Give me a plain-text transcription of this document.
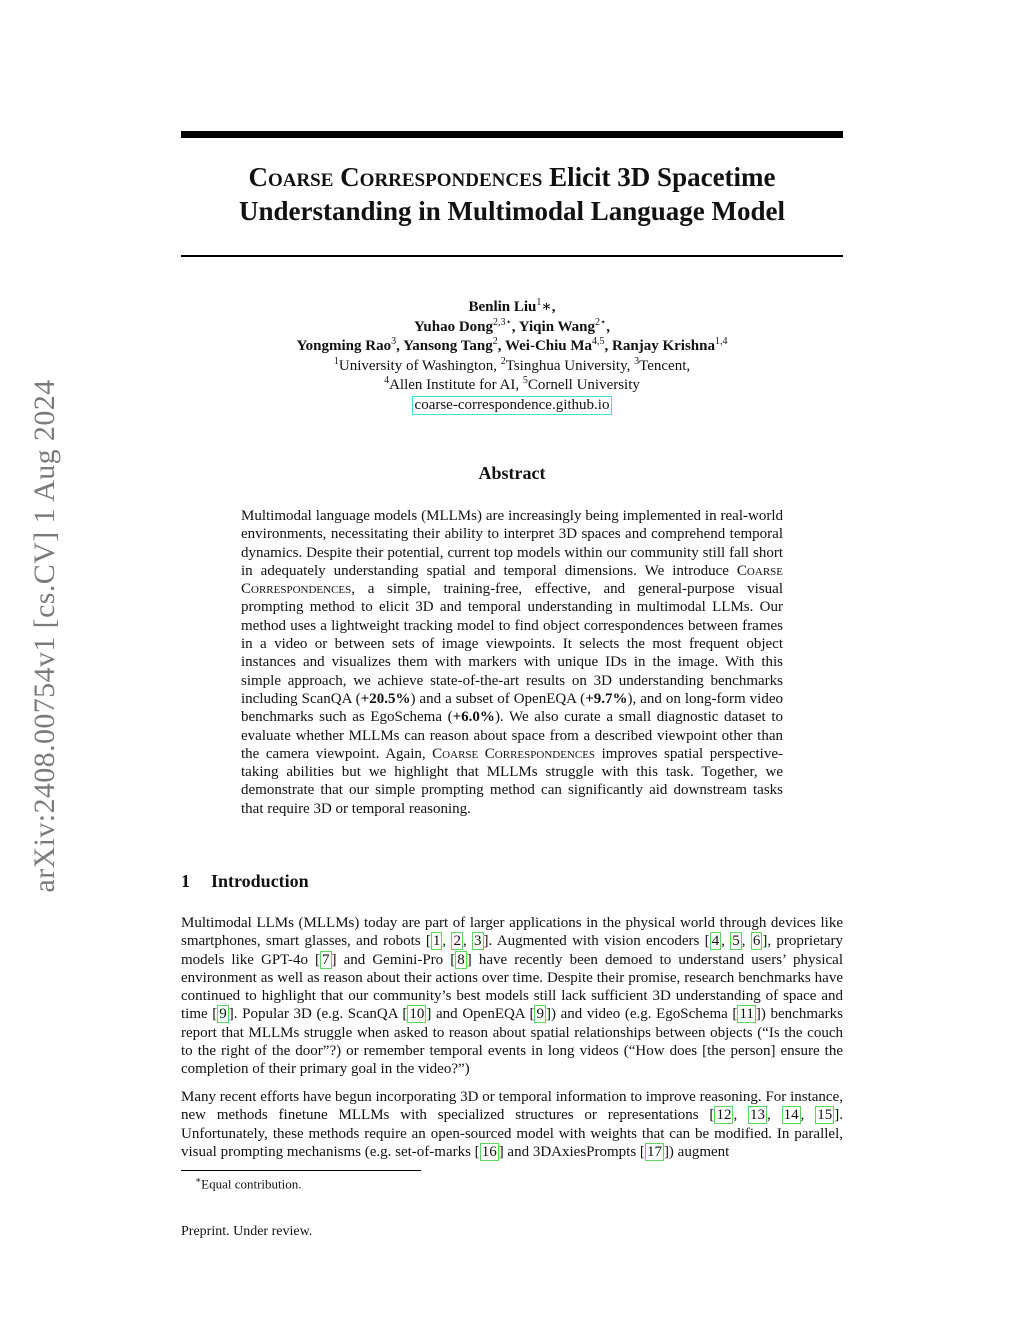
arXiv:2408.00754v1 [cs.CV] 1 Aug 2024
Coarse Correspondences Elicit 3D Spacetime
Understanding in Multimodal Language Model
Benlin Liu$^1$∗,
Yuhao Dong$^{2,3⋆}$, Yiqin Wang$^{2⋆}$,
Yongming Rao$^3$, Yansong Tang$^2$, Wei-Chiu Ma$^{4,5}$, Ranjay Krishna$^{1,4}$
$^1$University of Washington, $^2$Tsinghua University, $^3$Tencent,
$^4$Allen Institute for AI, $^5$Cornell University
coarse-correspondence.github.io
Abstract

Multimodal language models (MLLMs) are increasingly being implemented in real-world environments, necessitating their ability to interpret 3D spaces and comprehend temporal dynamics. Despite their potential, current top models within our community still fall short in adequately understanding spatial and temporal dimensions. We introduce Coarse Correspondences, a simple, training-free, effective, and general-purpose visual prompting method to elicit 3D and temporal understanding in multimodal LLMs. Our method uses a lightweight tracking model to find object correspondences between frames in a video or between sets of image viewpoints. It selects the most frequent object instances and visualizes them with markers with unique IDs in the image. With this simple approach, we achieve state-of-the-art results on 3D understanding benchmarks including ScanQA (+20.5%) and a subset of OpenEQA (+9.7%), and on long-form video benchmarks such as EgoSchema (+6.0%). We also curate a small diagnostic dataset to evaluate whether MLLMs can reason about space from a described viewpoint other than the camera viewpoint. Again, Coarse Correspondences improves spatial perspective-taking abilities but we highlight that MLLMs struggle with this task. Together, we demonstrate that our simple prompting method can significantly aid downstream tasks that require 3D or temporal reasoning.

1 Introduction

Multimodal LLMs (MLLMs) today are part of larger applications in the physical world through devices like smartphones, smart glasses, and robots [ 1 , 2 , 3 ]. Augmented with vision encoders [ 4 , 5 , 6 ], proprietary models like GPT-4o [ 7 ] and Gemini-Pro [ 8 ] have recently been demoed to understand users’ physical environment as well as reason about their actions over time. Despite their promise, research benchmarks have continued to highlight that our community’s best models still lack sufficient 3D understanding of space and time [ 9 ]. Popular 3D (e.g. ScanQA [ 10 ] and OpenEQA [ 9 ]) and video (e.g. EgoSchema [ 11 ]) benchmarks report that MLLMs struggle when asked to reason about spatial relationships between objects (“Is the couch to the right of the door”?) or remember temporal events in long videos (“How does [the person] ensure the completion of their primary goal in the video?”)

Many recent efforts have begun incorporating 3D or temporal information to improve reasoning. For instance, new methods finetune MLLMs with specialized structures or representations [ 12 , 13 , 14 , 15 ]. Unfortunately, these methods require an open-sourced model with weights that can be modified. In parallel, visual prompting mechanisms (e.g. set-of-marks [ 16 ] and 3DAxiesPrompts [ 17 ]) augment

∗Equal contribution.
Preprint. Under review.
